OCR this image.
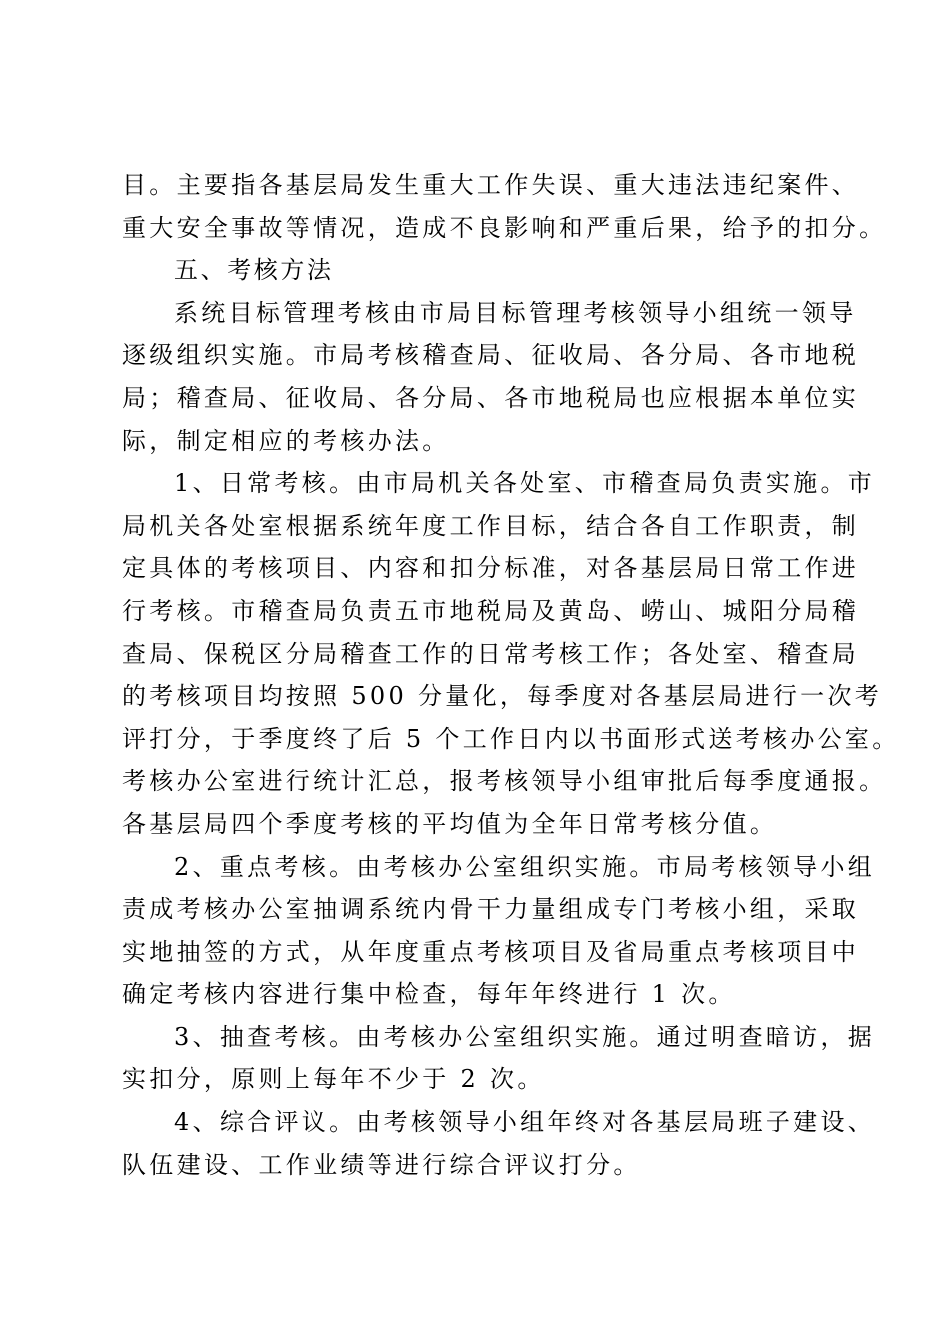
目。主要指各基层局发生重大工作失误、重大违法违纪案件、
重大安全事故等情况，造成不良影响和严重后果，给予的扣分。
五、考核方法
系统目标管理考核由市局目标管理考核领导小组统一领导
逐级组织实施。市局考核稽查局、征收局、各分局、各市地税
局；稽查局、征收局、各分局、各市地税局也应根据本单位实
际，制定相应的考核办法。
1、日常考核。由市局机关各处室、市稽查局负责实施。市
局机关各处室根据系统年度工作目标，结合各自工作职责，制
定具体的考核项目、内容和扣分标准，对各基层局日常工作进
行考核。市稽查局负责五市地税局及黄岛、崂山、城阳分局稽
查局、保税区分局稽查工作的日常考核工作；各处室、稽查局
的考核项目均按照 500 分量化，每季度对各基层局进行一次考
评打分，于季度终了后 5 个工作日内以书面形式送考核办公室。
考核办公室进行统计汇总，报考核领导小组审批后每季度通报。
各基层局四个季度考核的平均值为全年日常考核分值。
2、重点考核。由考核办公室组织实施。市局考核领导小组
责成考核办公室抽调系统内骨干力量组成专门考核小组，采取
实地抽签的方式，从年度重点考核项目及省局重点考核项目中
确定考核内容进行集中检查，每年年终进行 1 次。
3、抽查考核。由考核办公室组织实施。通过明查暗访，据
实扣分，原则上每年不少于 2 次。
4、综合评议。由考核领导小组年终对各基层局班子建设、
队伍建设、工作业绩等进行综合评议打分。
